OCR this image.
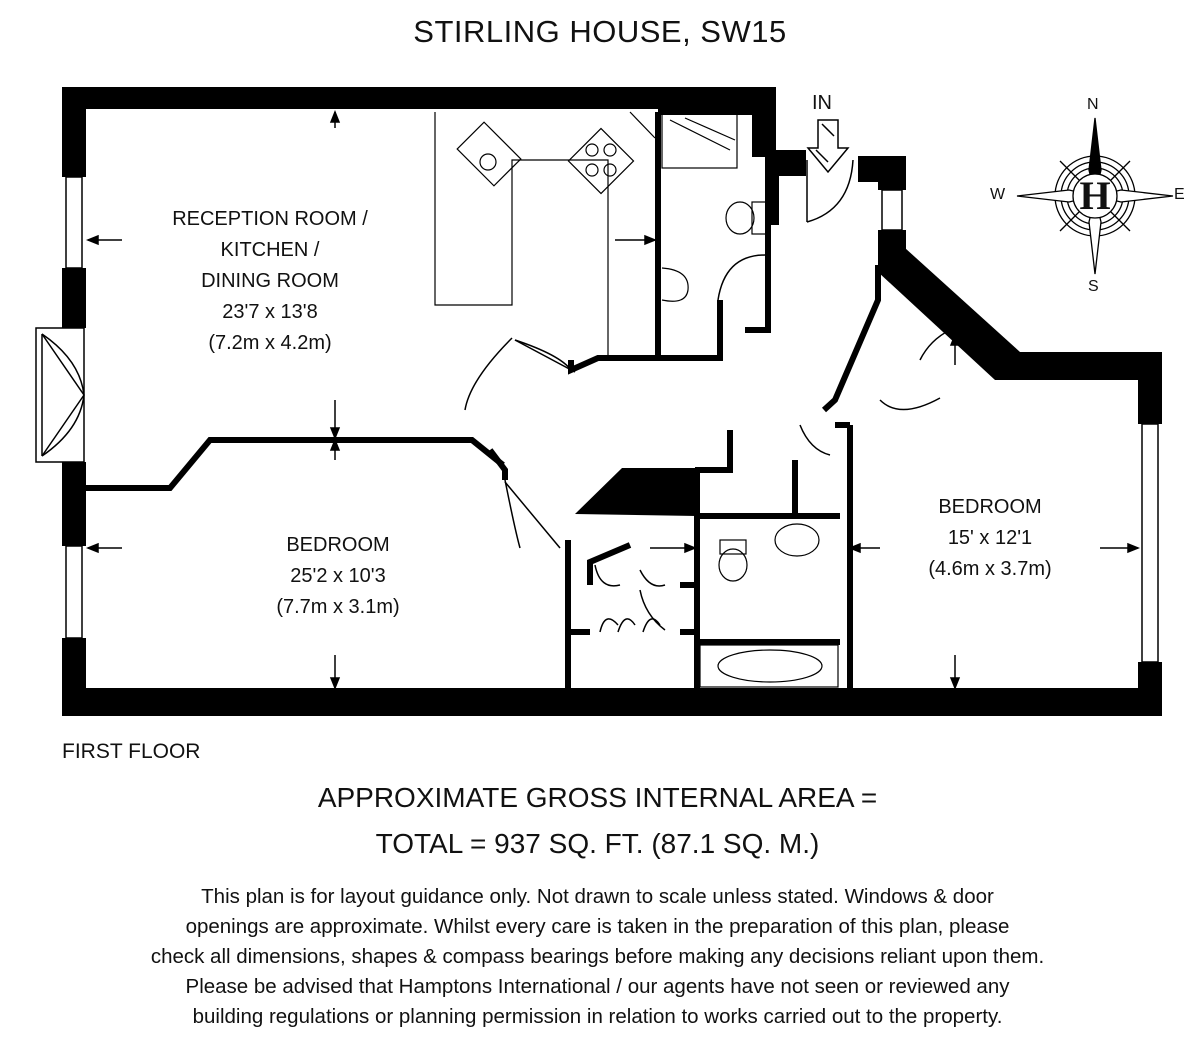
STIRLING HOUSE, SW15
N
S
W	E
H
IN
RECEPTION ROOM /
KITCHEN /
DINING ROOM
23'7 x 13'8
(7.2m x 4.2m)
BEDROOM
25'2 x 10'3
(7.7m x 3.1m)
BEDROOM
15' x 12'1
(4.6m x 3.7m)
FIRST FLOOR
APPROXIMATE GROSS INTERNAL AREA =
TOTAL = 937 SQ. FT. (87.1 SQ. M.)
This plan is for layout guidance only. Not drawn to scale unless stated. Windows & door
openings are approximate. Whilst every care is taken in the preparation of this plan, please
check all dimensions, shapes & compass bearings before making any decisions reliant upon them.
Please be advised that Hamptons International / our agents have not seen or reviewed any
building regulations or planning permission in relation to works carried out to the property.
